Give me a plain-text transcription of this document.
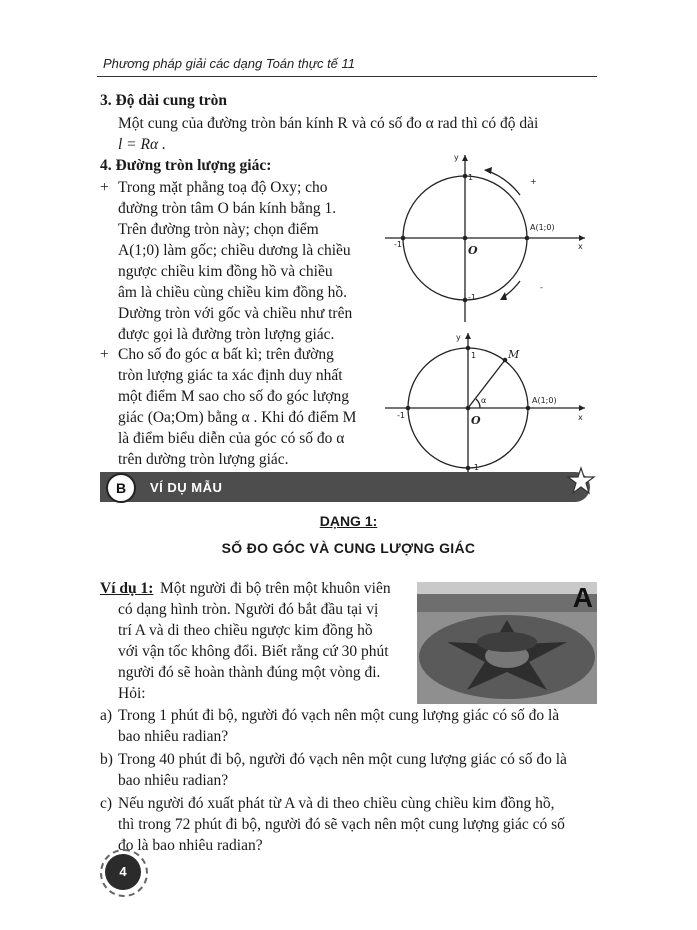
Phương pháp giải các dạng Toán thực tế 11
3. Độ dài cung tròn
Một cung của đường tròn bán kính R và có số đo α rad thì có độ dài
l = Rα .
4. Đường tròn lượng giác:
+ Trong mặt phẳng toạ độ Oxy; cho
đường tròn tâm O bán kính bằng 1.
Trên đường tròn này; chọn điểm
A(1;0) làm gốc; chiều dương là chiều
ngược chiều kim đồng hồ và chiều
âm là chiều cùng chiều kim đồng hồ.
Dường tròn với gốc và chiều như trên
được gọi là đường tròn lượng giác.
+ Cho số đo góc α bất kì; trên đường
tròn lượng giác ta xác định duy nhất
một điểm M sao cho số đo góc lượng
giác (Oa;Om) bằng α . Khi đó điểm M
là điểm biểu diễn của góc có số đo α
trên dường tròn lượng giác.
y
x
1
-1
-1
A(1;0)
+
-
O
y
x
1
-1
-1
A(1;0)
α
M
O
B	VÍ DỤ MẪU
DẠNG 1:
SỐ ĐO GÓC VÀ CUNG LƯỢNG GIÁC
Ví dụ 1: Một người đi bộ trên một khuôn viên
có dạng hình tròn. Người đó bắt đầu tại vị
trí A và di theo chiều ngược kim đồng hồ
với vận tốc không đổi. Biết rằng cứ 30 phút
người đó sẽ hoàn thành đúng một vòng đi.
Hỏi:
A
a) Trong 1 phút đi bộ, người đó vạch nên một cung lượng giác có số đo là
bao nhiêu radian?
b) Trong 40 phút đi bộ, người đó vạch nên một cung lượng giác có số đo là
bao nhiêu radian?
c) Nếu người đó xuất phát từ A và di theo chiều cùng chiều kim đồng hồ,
thì trong 72 phút đi bộ, người đó sẽ vạch nên một cung lượng giác có số
đo là bao nhiêu radian?
4
